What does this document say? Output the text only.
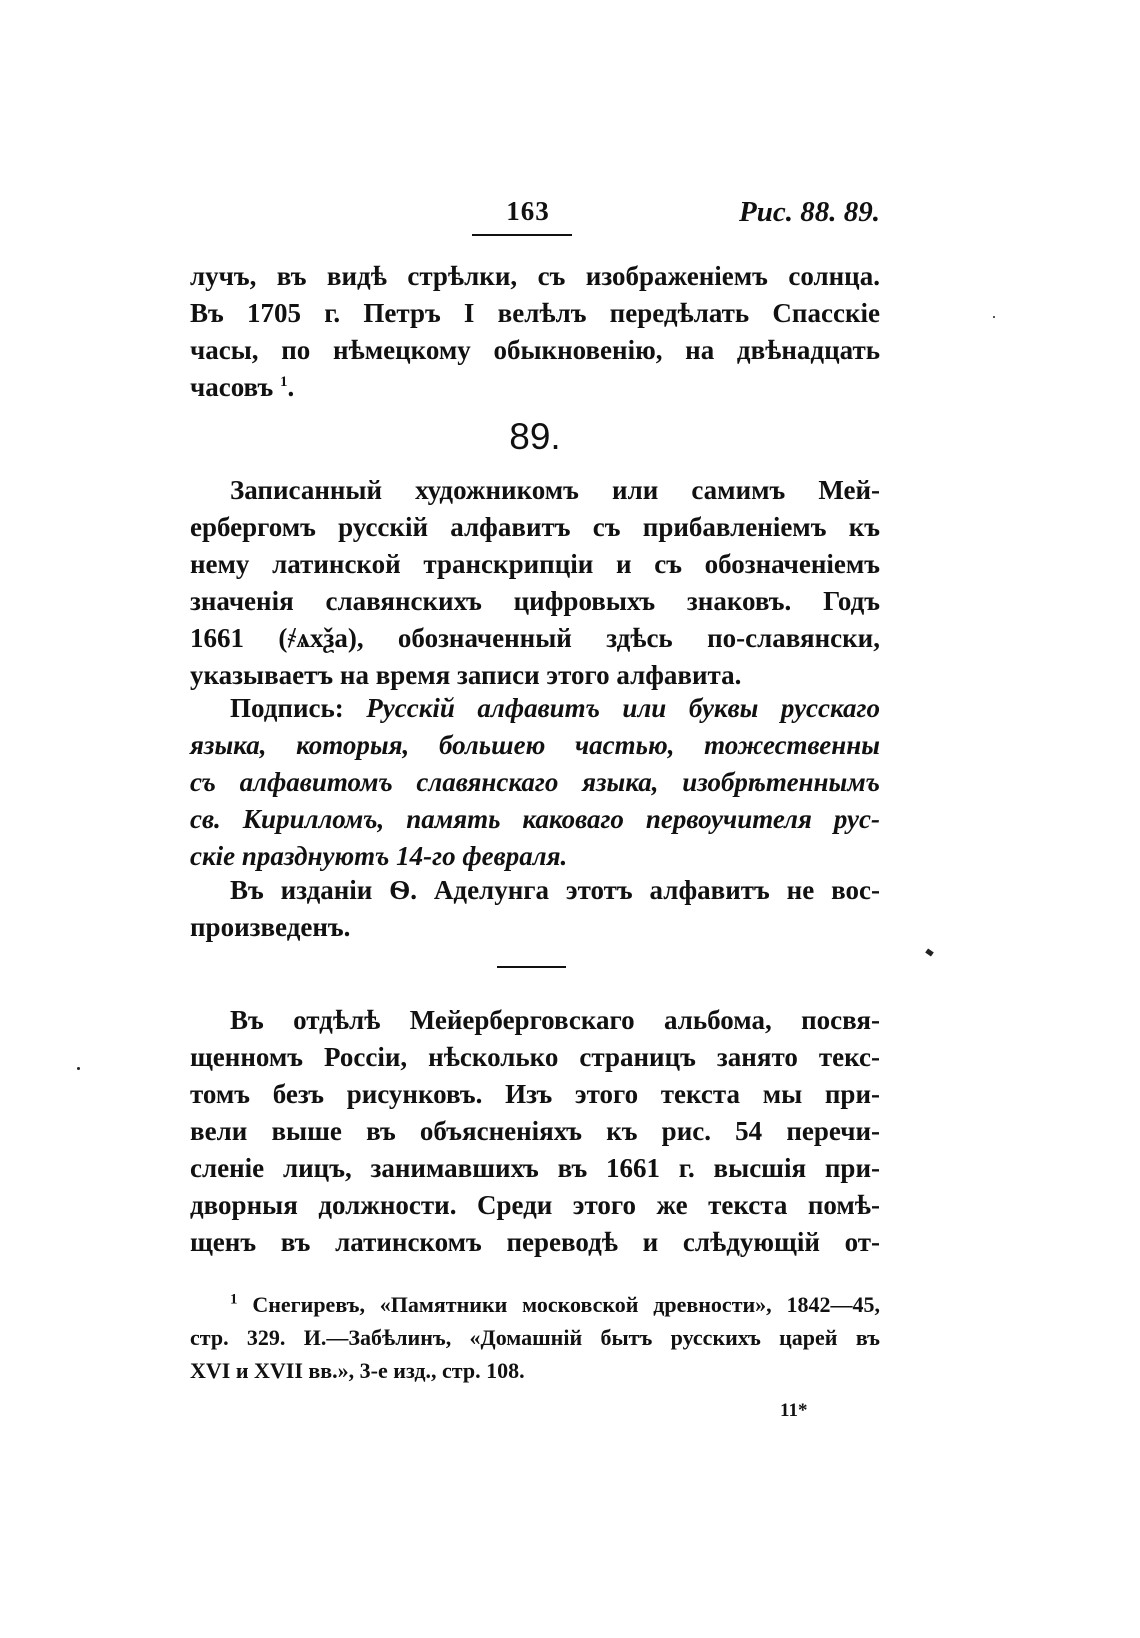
163	Рис. 88. 89.
лучъ, въ видѣ стрѣлки, съ изображеніемъ солнца.
Въ 1705 г. Петръ I велѣлъ передѣлать Спасскіе
часы, по нѣмецкому обыкновенію, на двѣнадцать
часовъ $^1$.
89.
Записанный художникомъ или самимъ Мей-
ербергомъ русскій алфавитъ съ прибавленіемъ къ
нему латинской транскрипціи и съ обозначеніемъ
значенія славянскихъ цифровыхъ знаковъ. Годъ
1661 (҂ѧхѯа), обозначенный здѣсь по-славянски,
указываетъ на время записи этого алфавита.
Подпись: Русскій алфавитъ или буквы русскаго
языка, которыя, большею частью, тожественны
съ алфавитомъ славянскаго языка, изобрѣтеннымъ
св. Кирилломъ, память каковаго первоучителя рус-
скіе празднуютъ 14-го февраля.
Въ изданіи Ѳ. Аделунга этотъ алфавитъ не вос-
произведенъ.
Въ отдѣлѣ Мейерберговскаго альбома, посвя-
щенномъ Россіи, нѣсколько страницъ занято текс-
томъ безъ рисунковъ. Изъ этого текста мы при-
вели выше въ объясненіяхъ къ рис. 54 перечи-
сленіе лицъ, занимавшихъ въ 1661 г. высшія при-
дворныя должности. Среди этого же текста помѣ-
щенъ въ латинскомъ переводѣ и слѣдующій от-
$^1$ Снегиревъ, «Памятники московской древности», 1842—45,
стр. 329. И.—Забѣлинъ, «Домашній бытъ русскихъ царей въ
XVI и XVII вв.», 3-е изд., стр. 108.
11*
